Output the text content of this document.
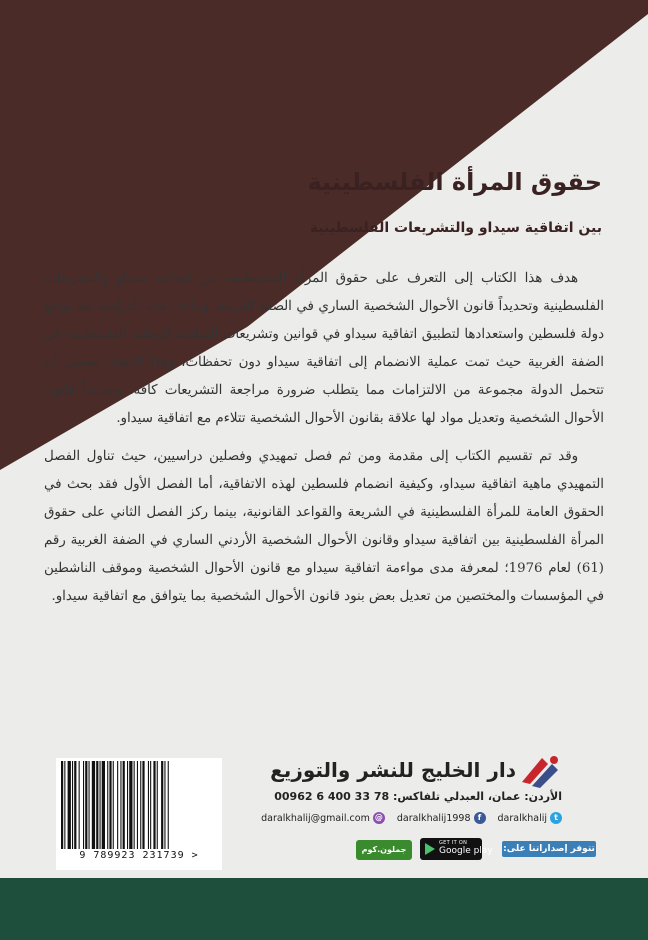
حقوق المرأة الفلسطينية
بين اتفاقية سيداو والتشريعات الفلسطينية

هدف هذا الكتاب إلى التعرف على حقوق المرأة الفلسطينية بين اتفاقية سيداو والتشريعات الفلسطينية وتحديداً قانون الأحوال الشخصية الساري في الضفة الغربية، وجاءت هذه الدراسة بعد توقيع دولة فلسطين واستعدادها لتطبيق اتفاقية سيداو في قوانين وتشريعات السلطة الوطنية الفلسطينية في الضفة الغربية حيث تمت عملية الانضمام إلى اتفاقية سيداو دون تحفظات، وهذا الاتفاق يقتضي أن تتحمل الدولة مجموعة من الالتزامات مما يتطلب ضرورة مراجعة التشريعات كافة، وتحديداً قانون الأحوال الشخصية وتعديل مواد لها علاقة بقانون الأحوال الشخصية تتلاءم مع اتفاقية سيداو.

وقد تم تقسيم الكتاب إلى مقدمة ومن ثم فصل تمهيدي وفصلين دراسيين، حيث تناول الفصل التمهيدي ماهية اتفاقية سيداو، وكيفية انضمام فلسطين لهذه الاتفاقية، أما الفصل الأول فقد بحث في الحقوق العامة للمرأة الفلسطينية في الشريعة والقواعد القانونية، بينما ركز الفصل الثاني على حقوق المرأة الفلسطينية بين اتفاقية سيداو وقانون الأحوال الشخصية الأردني الساري في الضفة الغربية رقم (61) لعام 1976؛ لمعرفة مدى مواءمة اتفاقية سيداو مع قانون الأحوال الشخصية وموقف الناشطين في المؤسسات والمختصين من تعديل بعض بنود قانون الأحوال الشخصية بما يتوافق مع اتفاقية سيداو.

دار الخليج للنشر والتوزيع
الأردن: عمان، العبدلي تلفاكس: 78 33 400 6 00962
t
daralkhalij
f
daralkhalij1998
@
daralkhalij@gmail.com
تتوفر إصداراتنا على:
GET IT ON
Google play
جملون.كوم
9 789923 231739 >
